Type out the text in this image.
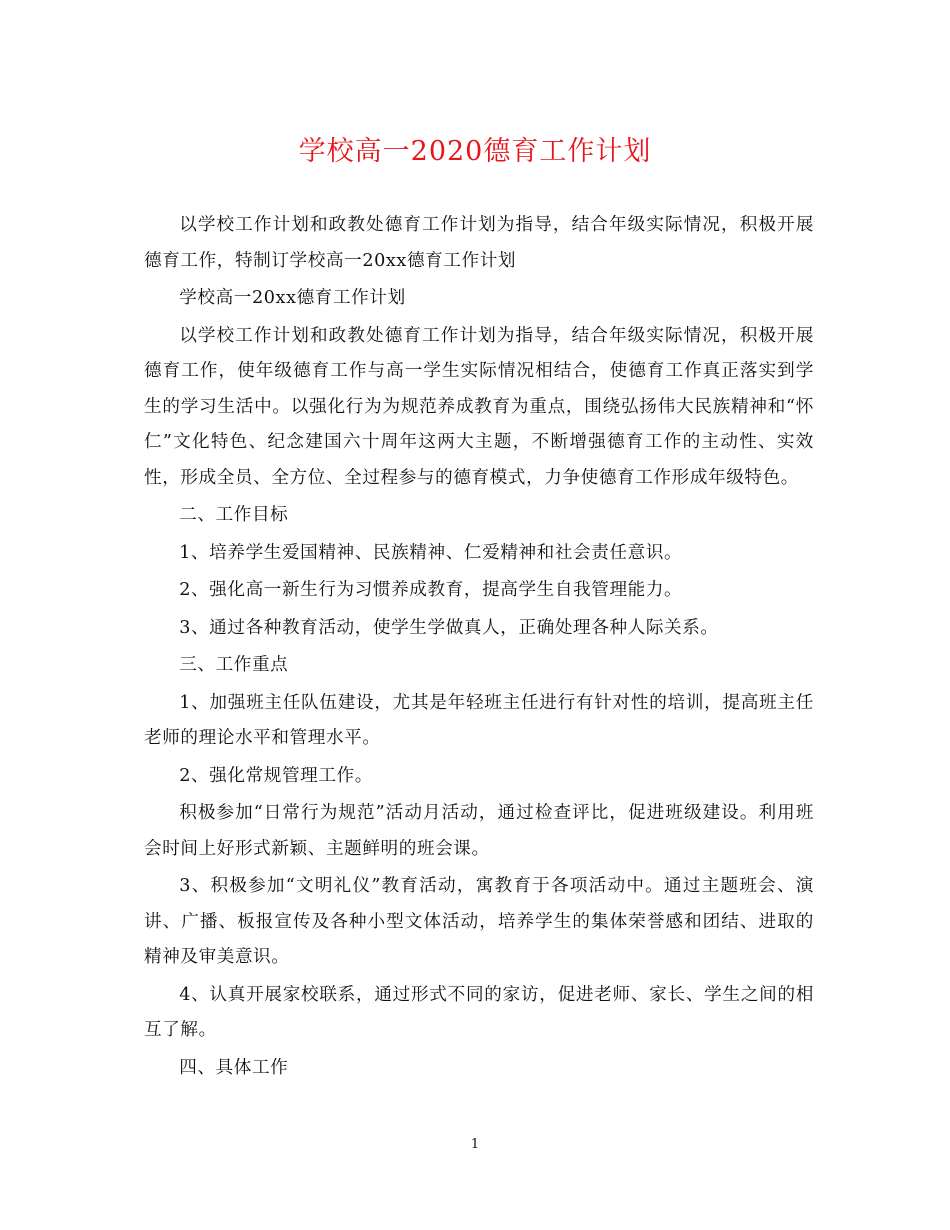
学校高一2020德育工作计划

以学校工作计划和政教处德育工作计划为指导，结合年级实际情况，积极开展德育工作，特制订学校高一20xx德育工作计划

学校高一20xx德育工作计划

以学校工作计划和政教处德育工作计划为指导，结合年级实际情况，积极开展德育工作，使年级德育工作与高一学生实际情况相结合，使德育工作真正落实到学生的学习生活中。以强化行为为规范养成教育为重点，围绕弘扬伟大民族精神和“怀仁”文化特色、纪念建国六十周年这两大主题，不断增强德育工作的主动性、实效性，形成全员、全方位、全过程参与的德育模式，力争使德育工作形成年级特色。

二、工作目标

1、培养学生爱国精神、民族精神、仁爱精神和社会责任意识。

2、强化高一新生行为习惯养成教育，提高学生自我管理能力。

3、通过各种教育活动，使学生学做真人，正确处理各种人际关系。

三、工作重点

1、加强班主任队伍建设，尤其是年轻班主任进行有针对性的培训，提高班主任老师的理论水平和管理水平。

2、强化常规管理工作。

积极参加“日常行为规范”活动月活动，通过检查评比，促进班级建设。利用班会时间上好形式新颖、主题鲜明的班会课。

3、积极参加“文明礼仪”教育活动，寓教育于各项活动中。通过主题班会、演讲、广播、板报宣传及各种小型文体活动，培养学生的集体荣誉感和团结、进取的精神及审美意识。

4、认真开展家校联系，通过形式不同的家访，促进老师、家长、学生之间的相互了解。

四、具体工作

1
